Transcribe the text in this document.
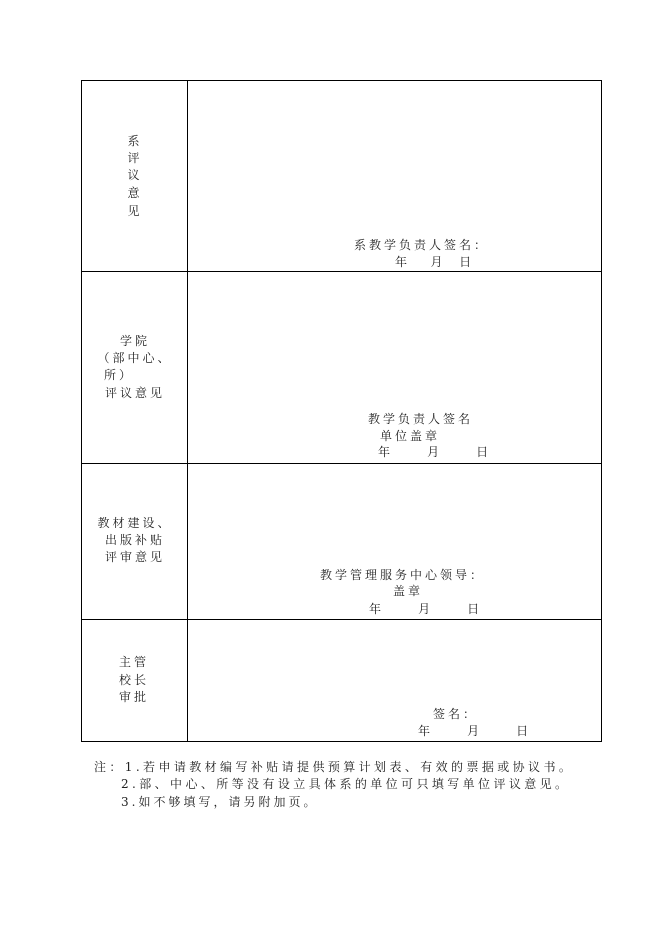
系
评
议
意
见
系教学负责人签名：
年   月  日
学院
（部中心、
所）
评议意见
教学负责人签名
单位盖章
年     月     日
教材建设、
出版补贴
评审意见
教学管理服务中心领导：
盖章
年     月     日
主管
校长
审批
签名：
年     月     日
注：1.若申请教材编写补贴请提供预算计划表、有效的票据或协议书。
2.部、中心、所等没有设立具体系的单位可只填写单位评议意见。
3.如不够填写，请另附加页。
